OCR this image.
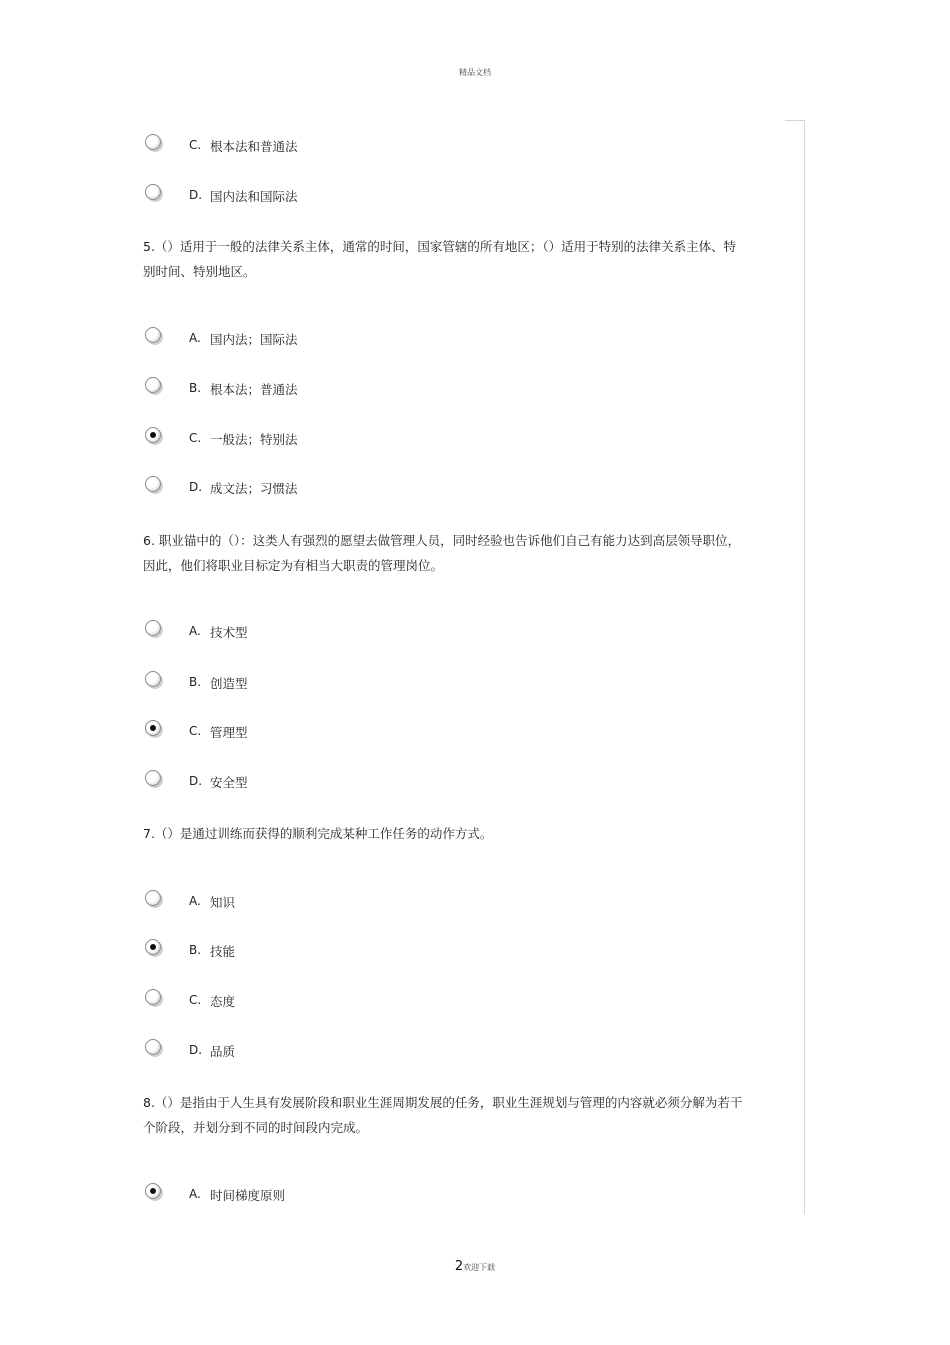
精品文档
C. 根本法和普通法
D. 国内法和国际法
5.（）适用于一般的法律关系主体，通常的时间，国家管辖的所有地区；（）适用于特别的法律关系主体、特别时间、特别地区。
A. 国内法；国际法
B. 根本法；普通法
C. 一般法；特别法
D. 成文法；习惯法
6. 职业锚中的（）：这类人有强烈的愿望去做管理人员，同时经验也告诉他们自己有能力达到高层领导职位，因此，他们将职业目标定为有相当大职责的管理岗位。
A. 技术型
B. 创造型
C. 管理型
D. 安全型
7.（）是通过训练而获得的顺利完成某种工作任务的动作方式。
A. 知识
B. 技能
C. 态度
D. 品质
8.（）是指由于人生具有发展阶段和职业生涯周期发展的任务，职业生涯规划与管理的内容就必须分解为若干个阶段，并划分到不同的时间段内完成。
A. 时间梯度原则
2欢迎下载
